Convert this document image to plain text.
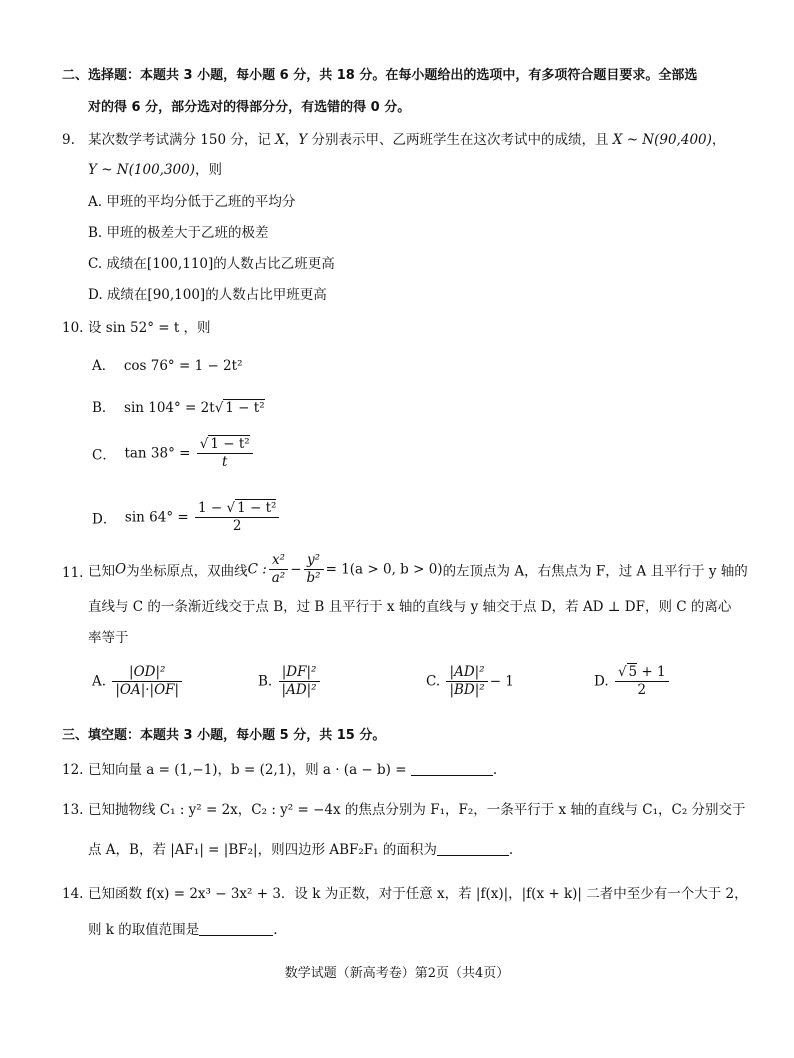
二、选择题：本题共 3 小题，每小题 6 分，共 18 分。在每小题给出的选项中，有多项符合题目要求。全部选
对的得 6 分，部分选对的得部分分，有选错的得 0 分。
9. 某次数学考试满分 150 分，记 X，Y 分别表示甲、乙两班学生在这次考试中的成绩，且 X ~ N(90,400)，
Y ~ N(100,300)，则
A. 甲班的平均分低于乙班的平均分
B. 甲班的极差大于乙班的极差
C. 成绩在[100,110]的人数占比乙班更高
D. 成绩在[90,100]的人数占比甲班更高
10. 设 sin 52° = t ，则
A． cos 76° = 1 − 2t²
B． sin 104° = 2t√ 1 − t²
C． $\tan 38^\circ = \frac{\text{√ 1 − t²}}{t}$
D． $\sin 64^\circ = \frac{\text{1 − √ 1 − t²}}{2}$
11. 已知O为坐标原点，双曲线C : $\frac{\text{x²}}{\text{a²}} - \frac{\text{y²}}{\text{b²}} = 1(a > 0$, b > 0)的左顶点为 A，右焦点为 F，过 A 且平行于 y 轴的
直线与 C 的一条渐近线交于点 B，过 B 且平行于 x 轴的直线与 y 轴交于点 D，若 AD ⊥ DF，则 C 的离心
率等于
A. $\frac{\text{|OD|²}}{|OA|\cdot|OF|}$	B. $\frac{\text{|DF|²}}{\text{|AD|²}}$	C. $\frac{\text{|AD|²}}{\text{|BD|²}} - 1$	D. $\frac{√ 5 + 1}{2}$
三、填空题：本题共 3 小题，每小题 5 分，共 15 分。
12. 已知向量 a = (1,−1)，b = (2,1)，则 a · (a − b) =	.
13. 已知抛物线 C₁ : y² = 2x，C₂ : y² = −4x 的焦点分别为 F₁，F₂，一条平行于 x 轴的直线与 C₁，C₂ 分别交于
点 A，B，若 |AF₁| = |BF₂|，则四边形 ABF₂F₁ 的面积为	.
14. 已知函数 f(x) = 2x³ − 3x² + 3．设 k 为正数，对于任意 x，若 |f(x)|，|f(x + k)| 二者中至少有一个大于 2，
则 k 的取值范围是	.
数学试题（新高考卷）第2页（共4页）
